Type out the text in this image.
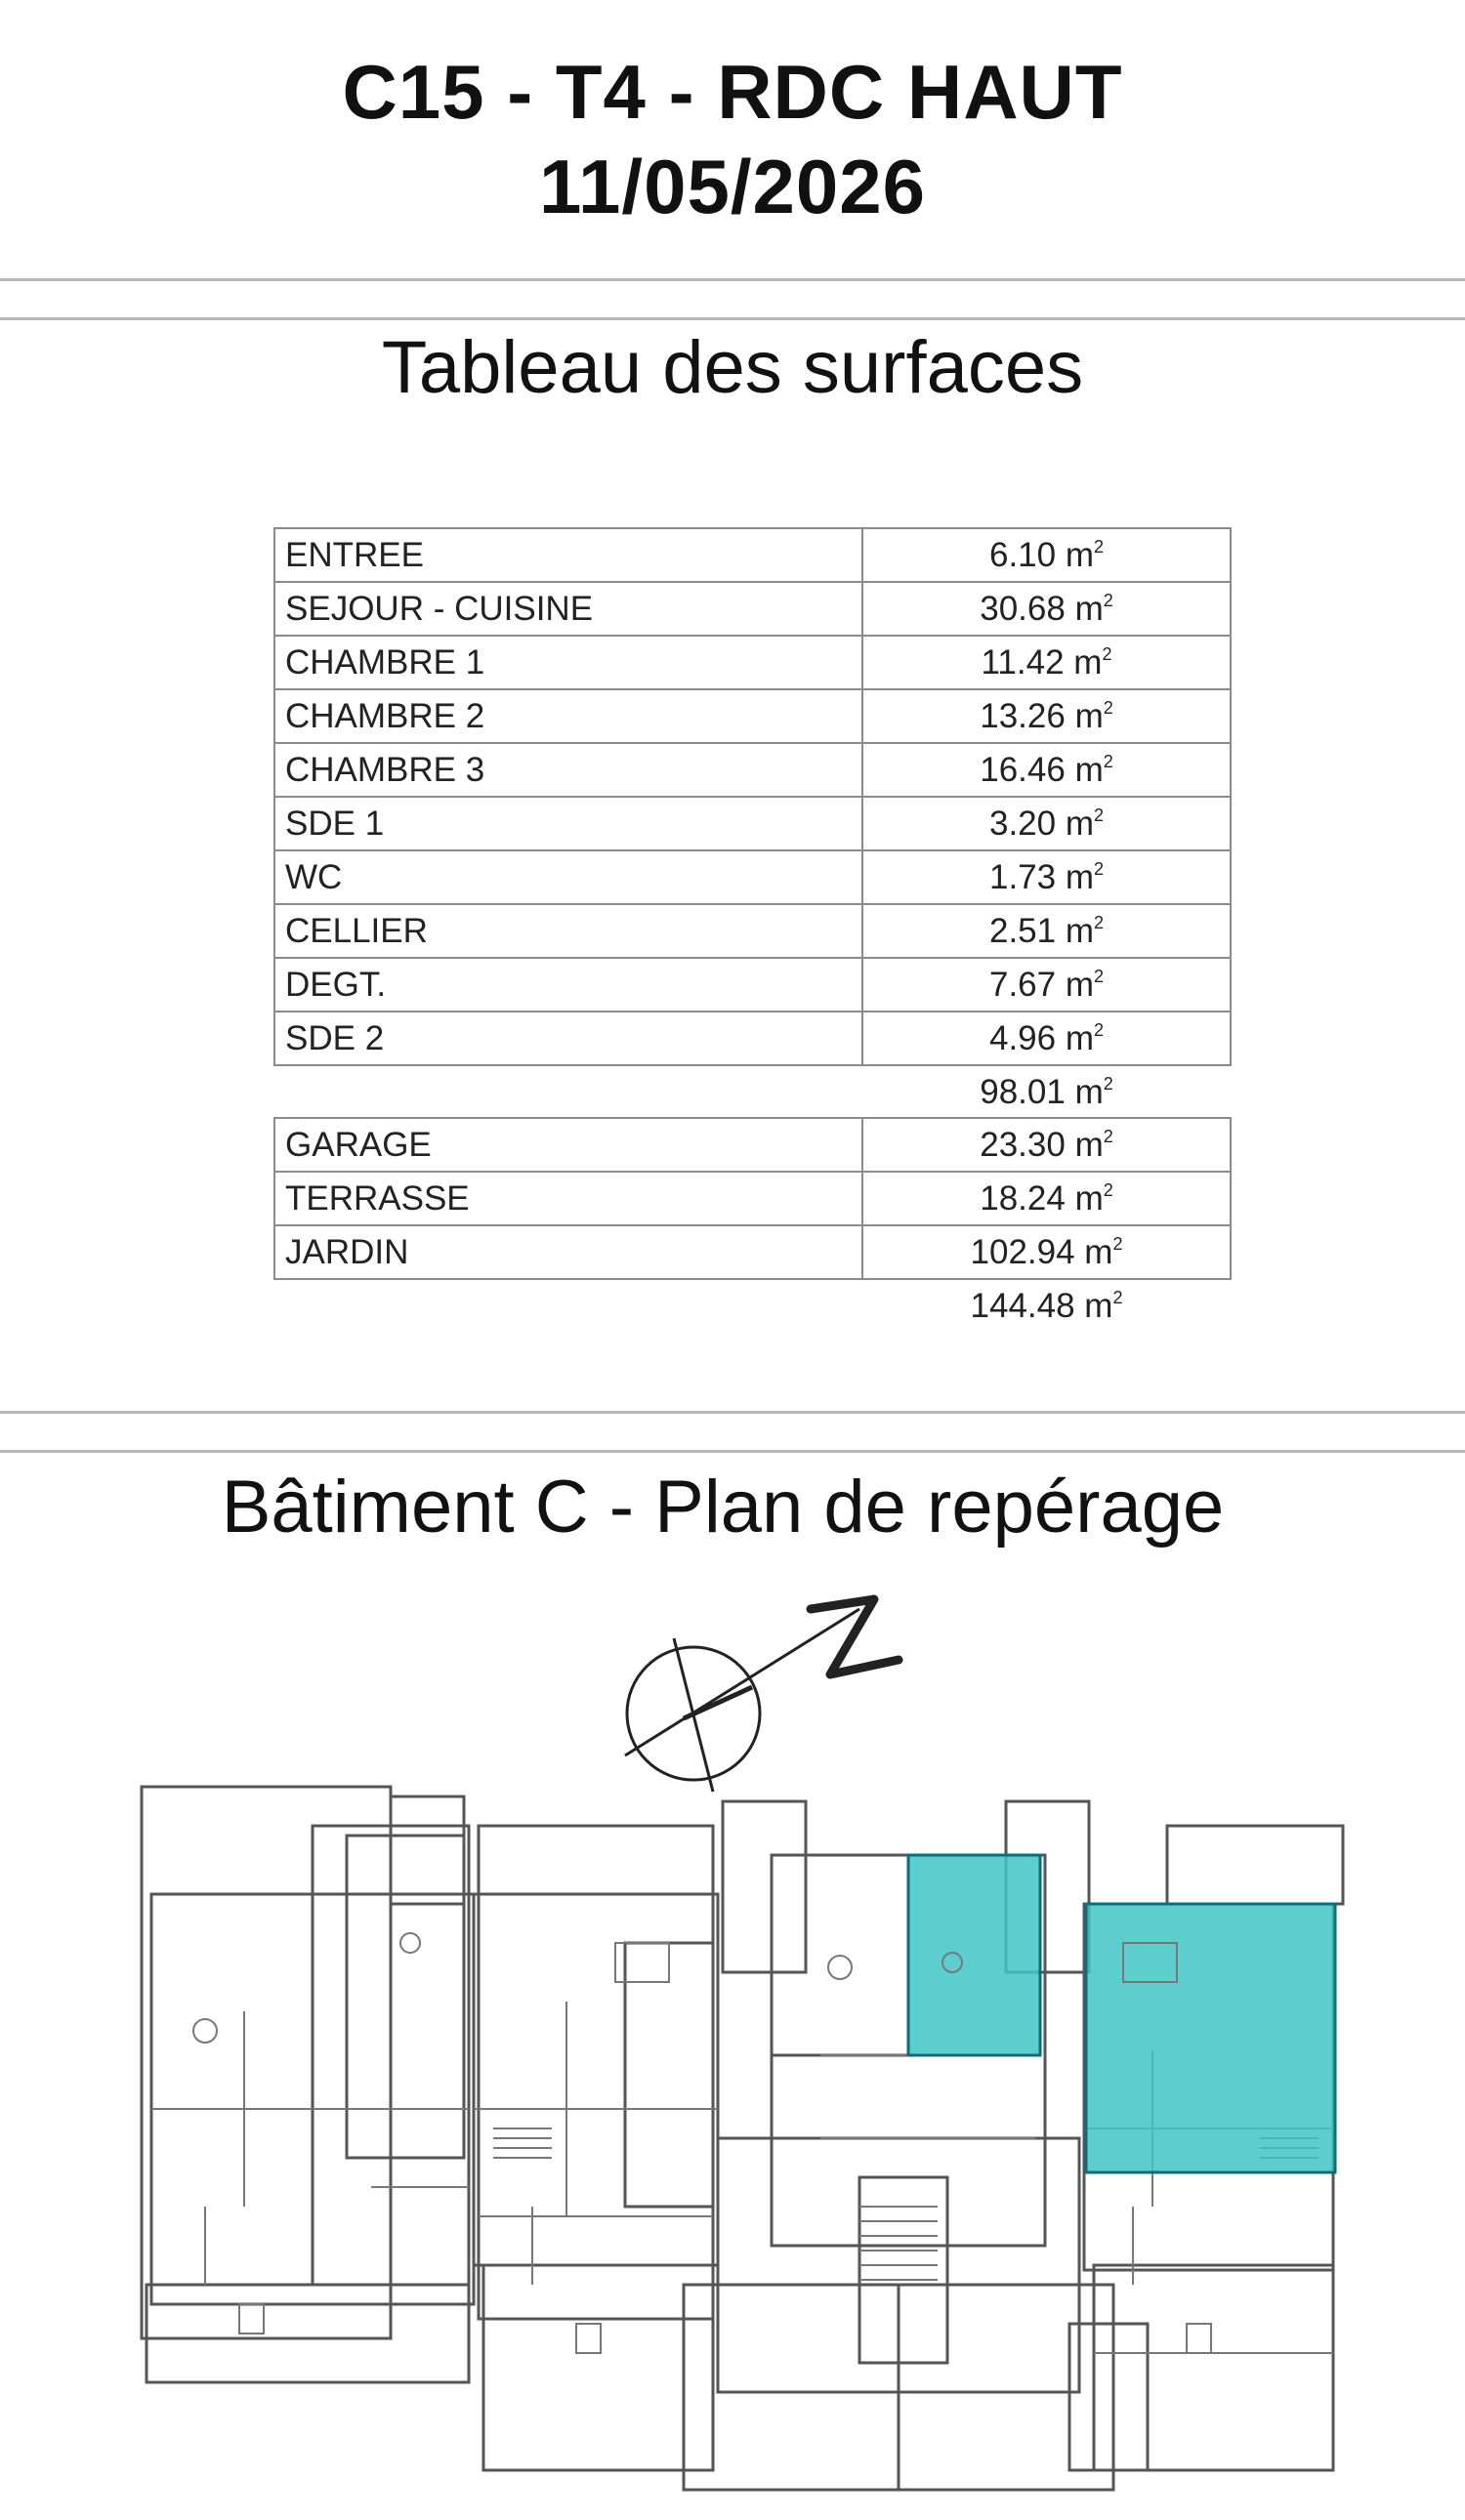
C15 - T4 - RDC HAUT
11/05/2026
Tableau des surfaces
ENTREE	6.10 $m^2$
SEJOUR - CUISINE	30.68 $m^2$
CHAMBRE 1	11.42 $m^2$
CHAMBRE 2	13.26 $m^2$
CHAMBRE 3	16.46 $m^2$
SDE 1	3.20 $m^2$
WC	1.73 $m^2$
CELLIER	2.51 $m^2$
DEGT.	7.67 $m^2$
SDE 2	4.96 $m^2$
	98.01 $m^2$
GARAGE	23.30 $m^2$
TERRASSE	18.24 $m^2$
JARDIN	102.94 $m^2$
	144.48 $m^2$
Bâtiment C - Plan de repérage
